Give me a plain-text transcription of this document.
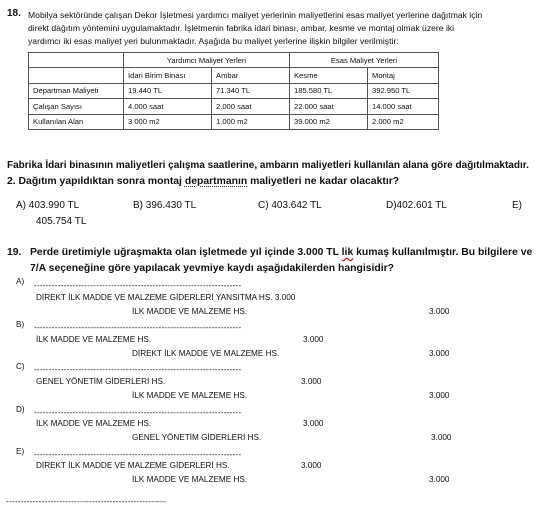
18. Mobilya sektöründe çalışan Dekor İşletmesi yardımcı maliyet yerlerinin maliyetlerini esas maliyet yerlerine dağıtmak için
direkt dağıtım yöntemini uygulamaktadır. İşletmenin fabrika idari binası, ambar, kesme ve montaj olmak üzere iki
yardımcı iki esas maliyet yeri bulunmaktadır. Aşağıda bu maliyet yerlerine ilişkin bilgiler verilmiştir:
	Yardımcı Maliyet Yerleri		Esas Maliyet Yerleri	
	İdari Birim Binası	Ambar	Kesme	Montaj
Departman Maliyeti	19.440 TL	71.340 TL	185.580 TL	392.950 TL
Çalışan Sayısı	4.000 saat	2.000 saat	22.000 saat	14.000 saat
Kullanılan Alan	3 000 m2	1.000 m2	39.000 m2	2.000 m2
Fabrika İdari binasının maliyetleri çalışma saatlerine, ambarın maliyetleri kullanılan alana göre dağıtılmaktadır.
2. Dağıtım yapıldıktan sonra montaj departmanın maliyetleri ne kadar olacaktır?
A) 403.990 TL
405.754 TL
B) 396.430 TL	C) 403.642 TL	D)402.601 TL	E)
19. Perde üretimiyle uğraşmakta olan işletmede yıl içinde 3.000 TL lik kumaş kullanılmıştır. Bu bilgilere ve
7/A seçeneğine göre yapılacak yevmiye kaydı aşağıdakilerden hangisidir?
A) ----------------------------------------------------------------------
DİREKT İLK MADDE VE MALZEME GİDERLERİ YANSITMA HS. 3.000
İLK MADDE VE MALZEME HS.	3.000
B) ----------------------------------------------------------------------
İLK MADDE VE MALZEME HS.	3.000
DİREKT İLK MADDE VE MALZEME HS.	3.000
C) ----------------------------------------------------------------------
GENEL YÖNETİM GİDERLERİ HS.	3.000
İLK MADDE VE MALZEME HS.	3.000
D) ----------------------------------------------------------------------
İLK MADDE VE MALZEME HS.	3.000
GENEL YÖNETİM GİDERLERİ HS.	3.000
E) ----------------------------------------------------------------------
DİREKT İLK MADDE VE MALZEME GİDERLERİ HS.	3.000
İLK MADDE VE MALZEME HS.	3.000
------------------------------------------------------
